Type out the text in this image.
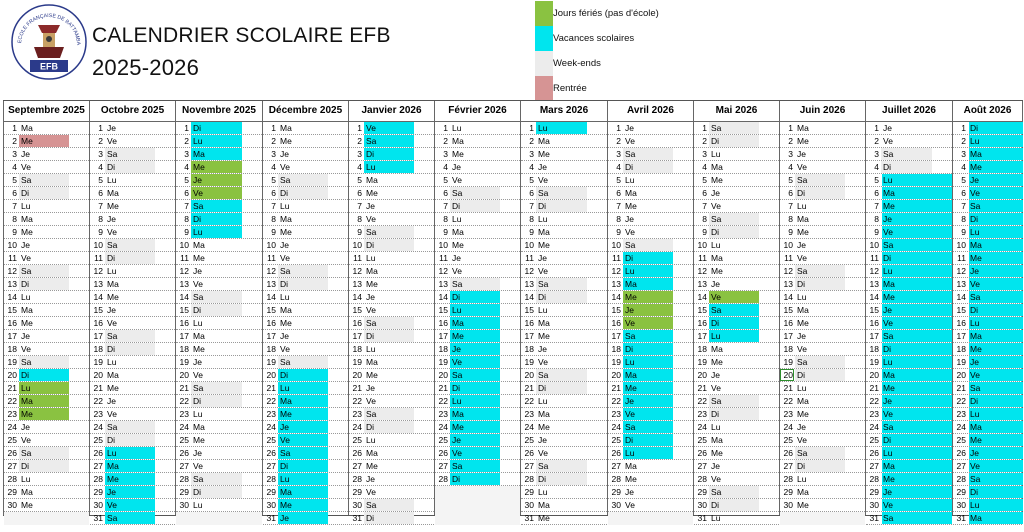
ECOLE FRANÇAISE DE BATTAMBA
EFB
CALENDRIER SCOLAIRE EFB
2025-2026
Jours fériés (pas d'école)
Vacances scolaires
Week-ends
Rentrée
Septembre 2025
1 Ma
2 Me
3 Je
4 Ve
5 Sa
6 Di
7 Lu
8 Ma
9 Me
10 Je
11 Ve
12 Sa
13 Di
14 Lu
15 Ma
16 Me
17 Je
18 Ve
19 Sa
20 Di
21 Lu
22 Ma
23 Me
24 Je
25 Ve
26 Sa
27 Di
28 Lu
29 Ma
30 Me
Octobre 2025
1 Je
2 Ve
3 Sa
4 Di
5 Lu
6 Ma
7 Me
8 Je
9 Ve
10 Sa
11 Di
12 Lu
13 Ma
14 Me
15 Je
16 Ve
17 Sa
18 Di
19 Lu
20 Ma
21 Me
22 Je
23 Ve
24 Sa
25 Di
26 Lu
27 Ma
28 Me
29 Je
30 Ve
31 Sa
Novembre 2025
1 Di
2 Lu
3 Ma
4 Me
5 Je
6 Ve
7 Sa
8 Di
9 Lu
10 Ma
11 Me
12 Je
13 Ve
14 Sa
15 Di
16 Lu
17 Ma
18 Me
19 Je
20 Ve
21 Sa
22 Di
23 Lu
24 Ma
25 Me
26 Je
27 Ve
28 Sa
29 Di
30 Lu
Décembre 2025
1 Ma
2 Me
3 Je
4 Ve
5 Sa
6 Di
7 Lu
8 Ma
9 Me
10 Je
11 Ve
12 Sa
13 Di
14 Lu
15 Ma
16 Me
17 Je
18 Ve
19 Sa
20 Di
21 Lu
22 Ma
23 Me
24 Je
25 Ve
26 Sa
27 Di
28 Lu
29 Ma
30 Me
31 Je
Janvier 2026
1 Ve
2 Sa
3 Di
4 Lu
5 Ma
6 Me
7 Je
8 Ve
9 Sa
10 Di
11 Lu
12 Ma
13 Me
14 Je
15 Ve
16 Sa
17 Di
18 Lu
19 Ma
20 Me
21 Je
22 Ve
23 Sa
24 Di
25 Lu
26 Ma
27 Me
28 Je
29 Ve
30 Sa
31 Di
Février 2026
1 Lu
2 Ma
3 Me
4 Je
5 Ve
6 Sa
7 Di
8 Lu
9 Ma
10 Me
11 Je
12 Ve
13 Sa
14 Di
15 Lu
16 Ma
17 Me
18 Je
19 Ve
20 Sa
21 Di
22 Lu
23 Ma
24 Me
25 Je
26 Ve
27 Sa
28 Di
Mars 2026
1 Lu
2 Ma
3 Me
4 Je
5 Ve
6 Sa
7 Di
8 Lu
9 Ma
10 Me
11 Je
12 Ve
13 Sa
14 Di
15 Lu
16 Ma
17 Me
18 Je
19 Ve
20 Sa
21 Di
22 Lu
23 Ma
24 Me
25 Je
26 Ve
27 Sa
28 Di
29 Lu
30 Ma
31 Me
Avril 2026
1 Je
2 Ve
3 Sa
4 Di
5 Lu
6 Ma
7 Me
8 Je
9 Ve
10 Sa
11 Di
12 Lu
13 Ma
14 Me
15 Je
16 Ve
17 Sa
18 Di
19 Lu
20 Ma
21 Me
22 Je
23 Ve
24 Sa
25 Di
26 Lu
27 Ma
28 Me
29 Je
30 Ve
Mai 2026
1 Sa
2 Di
3 Lu
4 Ma
5 Me
6 Je
7 Ve
8 Sa
9 Di
10 Lu
11 Ma
12 Me
13 Je
14 Ve
15 Sa
16 Di
17 Lu
18 Ma
19 Me
20 Je
21 Ve
22 Sa
23 Di
24 Lu
25 Ma
26 Me
27 Je
28 Ve
29 Sa
30 Di
31 Lu
Juin 2026
1 Ma
2 Me
3 Je
4 Ve
5 Sa
6 Di
7 Lu
8 Ma
9 Me
10 Je
11 Ve
12 Sa
13 Di
14 Lu
15 Ma
16 Me
17 Je
18 Ve
19 Sa
20 Di
21 Lu
22 Ma
23 Me
24 Je
25 Ve
26 Sa
27 Di
28 Lu
29 Ma
30 Me
Juillet 2026
1 Je
2 Ve
3 Sa
4 Di
5 Lu
6 Ma
7 Me
8 Je
9 Ve
10 Sa
11 Di
12 Lu
13 Ma
14 Me
15 Je
16 Ve
17 Sa
18 Di
19 Lu
20 Ma
21 Me
22 Je
23 Ve
24 Sa
25 Di
26 Lu
27 Ma
28 Me
29 Je
30 Ve
31 Sa
Août 2026
1 Di
2 Lu
3 Ma
4 Me
5 Je
6 Ve
7 Sa
8 Di
9 Lu
10 Ma
11 Me
12 Je
13 Ve
14 Sa
15 Di
16 Lu
17 Ma
18 Me
19 Je
20 Ve
21 Sa
22 Di
23 Lu
24 Ma
25 Me
26 Je
27 Ve
28 Sa
29 Di
30 Lu
31 Ma
